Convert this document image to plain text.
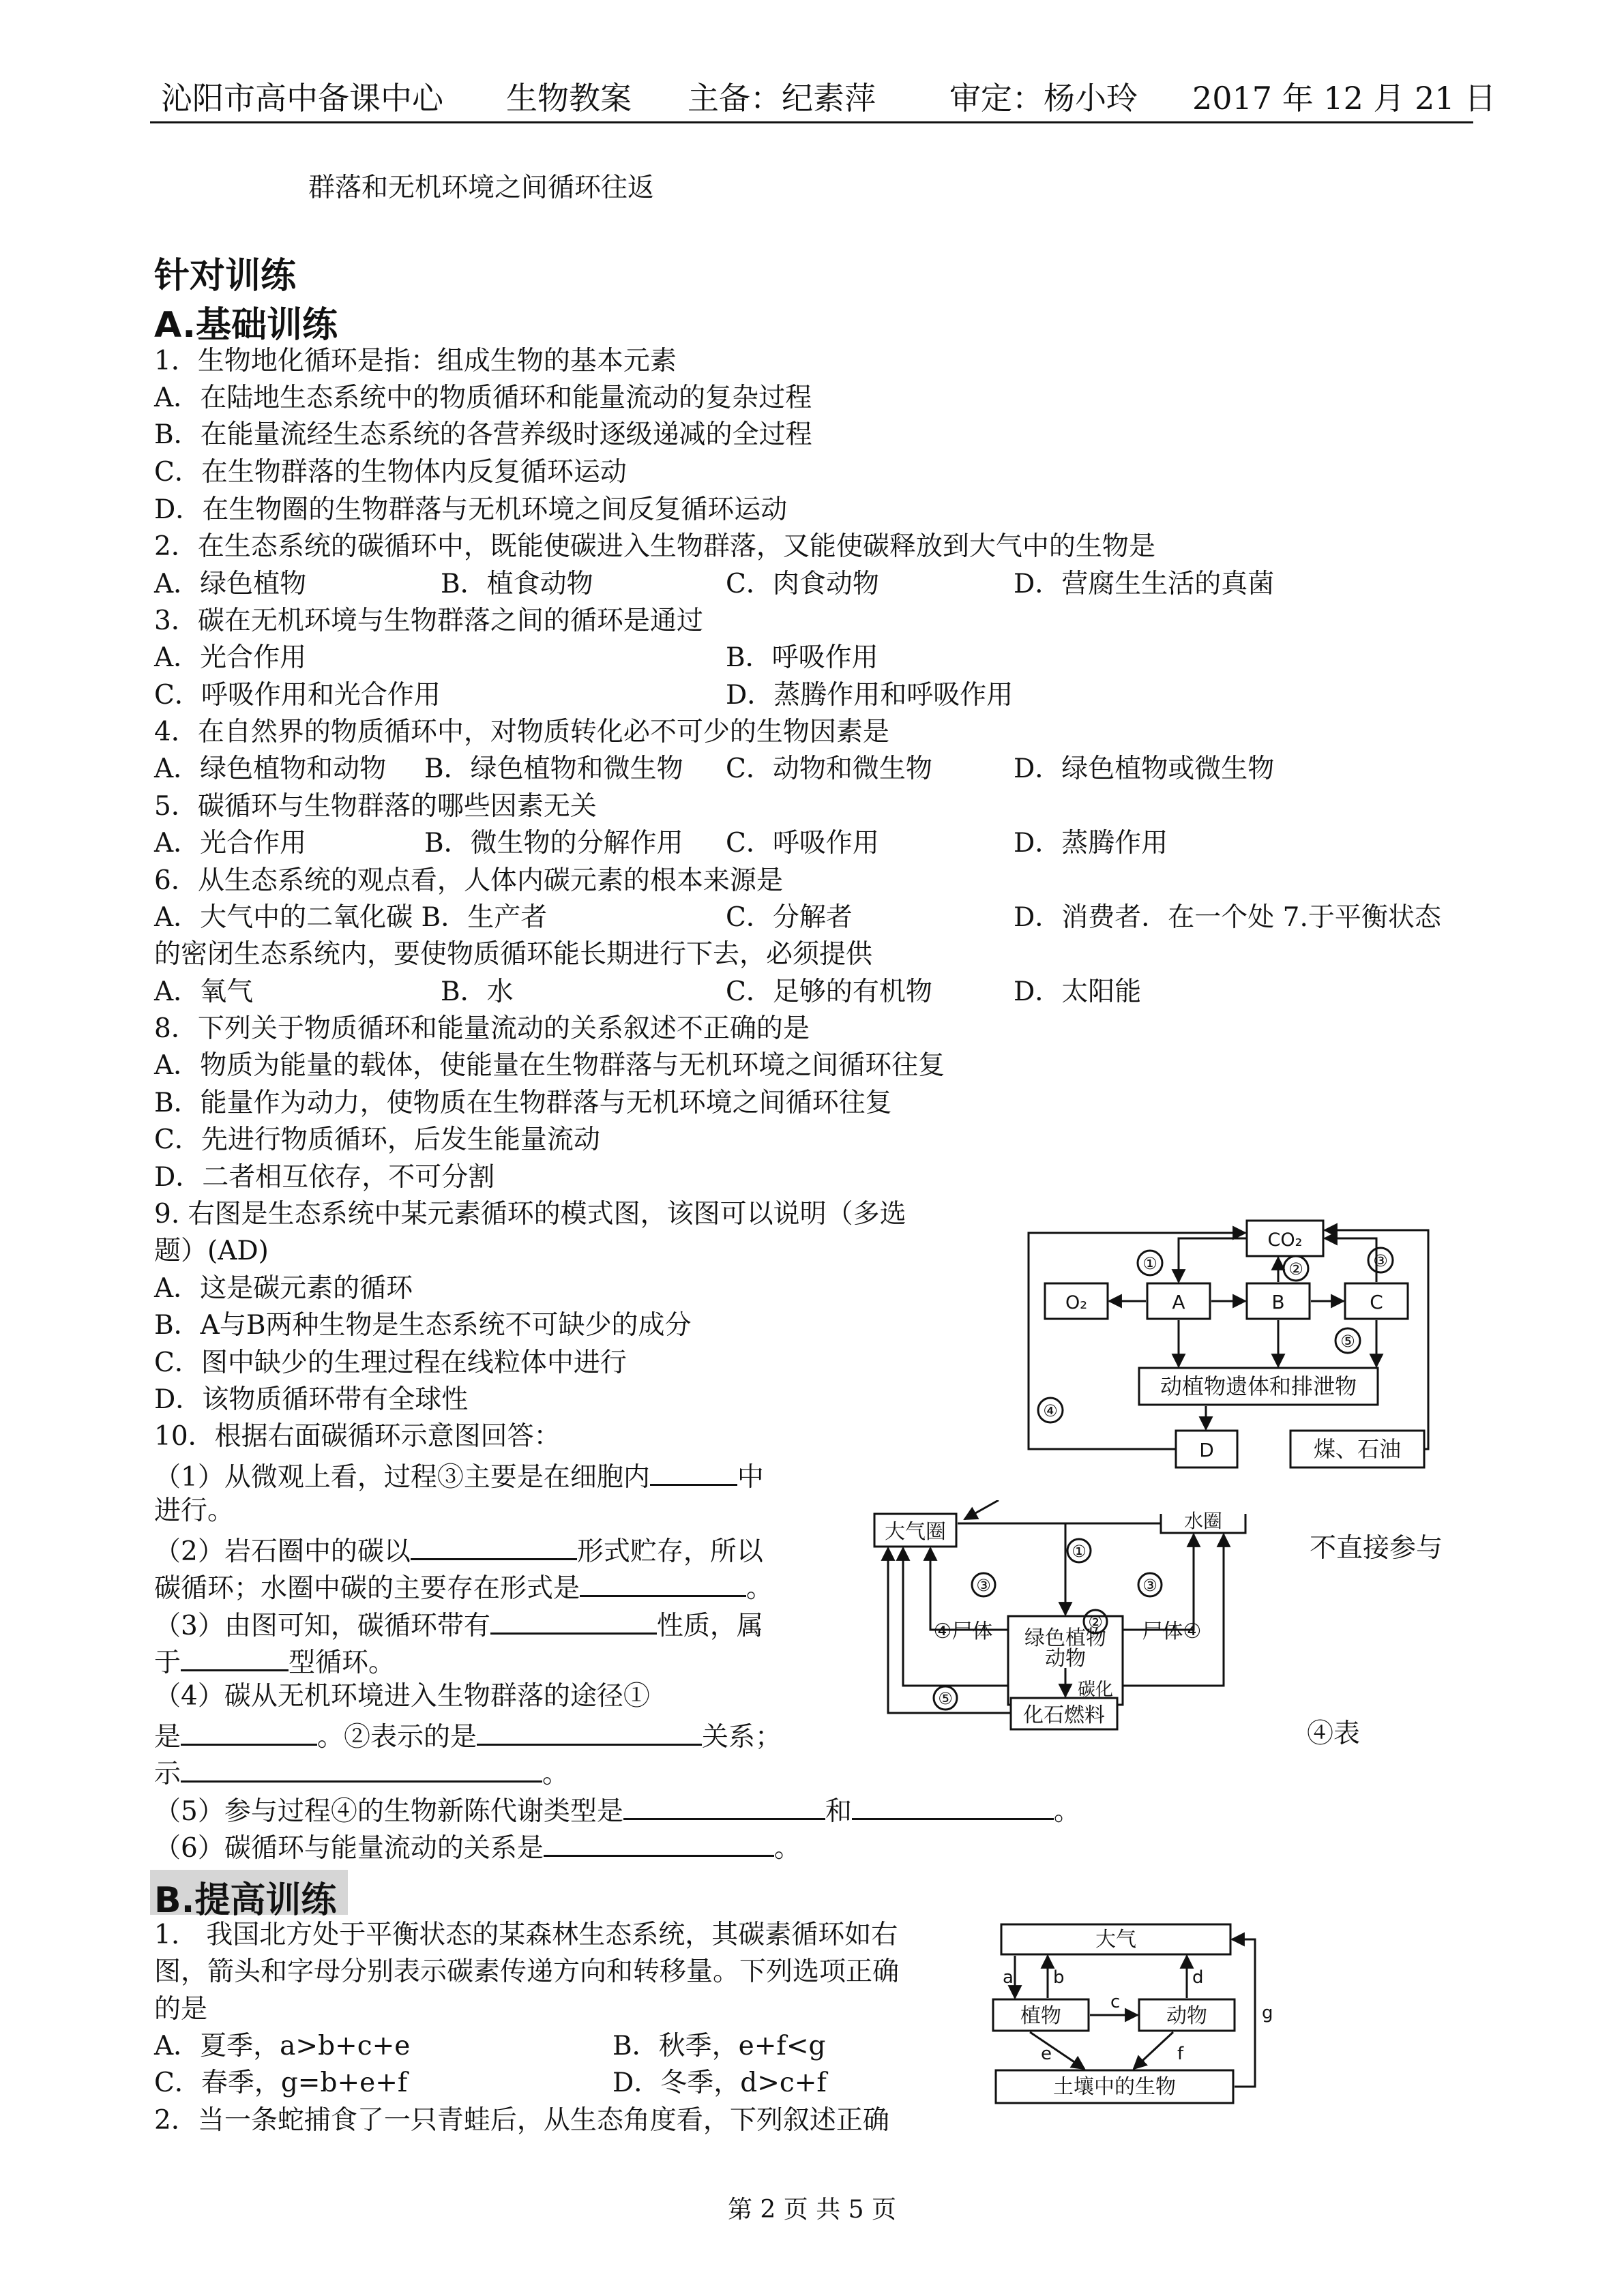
沁阳市高中备课中心 生物教案 主备：纪素萍 审定：杨小玲 2017 年 12 月 21 日
群落和无机环境之间循环往返
针对训练
A.基础训练
1．生物地化循环是指：组成生物的基本元素
A．在陆地生态系统中的物质循环和能量流动的复杂过程
B．在能量流经生态系统的各营养级时逐级递减的全过程
C．在生物群落的生物体内反复循环运动
D．在生物圈的生物群落与无机环境之间反复循环运动
2．在生态系统的碳循环中，既能使碳进入生物群落，又能使碳释放到大气中的生物是
A．绿色植物	B．植食动物	C．肉食动物	D．营腐生生活的真菌
3．碳在无机环境与生物群落之间的循环是通过
A．光合作用	B．呼吸作用
C．呼吸作用和光合作用	D．蒸腾作用和呼吸作用
4．在自然界的物质循环中，对物质转化必不可少的生物因素是
A．绿色植物和动物 B．绿色植物和微生物 C．动物和微生物	D．绿色植物或微生物
5．碳循环与生物群落的哪些因素无关
A．光合作用	B．微生物的分解作用 C．呼吸作用	D．蒸腾作用
6．从生态系统的观点看，人体内碳元素的根本来源是
A．大气中的二氧化碳 B．生产者	C．分解者	D．消费者．在一个处 7.于平衡状态
的密闭生态系统内，要使物质循环能长期进行下去，必须提供
A．氧气	B．水	C．足够的有机物	D．太阳能
8．下列关于物质循环和能量流动的关系叙述不正确的是
A．物质为能量的载体，使能量在生物群落与无机环境之间循环往复
B．能量作为动力，使物质在生物群落与无机环境之间循环往复
C．先进行物质循环，后发生能量流动
D．二者相互依存，不可分割
9. 右图是生态系统中某元素循环的模式图，该图可以说明（多选
题）(AD)
A．这是碳元素的循环
B．A与B两种生物是生态系统不可缺少的成分
C．图中缺少的生理过程在线粒体中进行
D．该物质循环带有全球性
10．根据右面碳循环示意图回答：
（1）从微观上看，过程③主要是在细胞内	中
进行。
（2）岩石圈中的碳以	形式贮存，所以	不直接参与
碳循环；水圈中碳的主要存在形式是	。
（3）由图可知，碳循环带有	性质，属
于	型循环。
（4）碳从无机环境进入生物群落的途径①
是	。②表示的是	关系；	④表
示	。
（5）参与过程④的生物新陈代谢类型是	和	。
（6）碳循环与能量流动的关系是	。
B.提高训练
1.　我国北方处于平衡状态的某森林生态系统，其碳素循环如右
图，箭头和字母分别表示碳素传递方向和转移量。下列选项正确
的是
A．夏季，a>b+c+e	B．秋季，e+f<g
C．春季，g=b+e+f	D．冬季，d>c+f
2．当一条蛇捕食了一只青蛙后，从生态角度看，下列叙述正确
CO₂
O₂	A	B	C
动植物遗体和排泄物
D	煤、石油
①	②	③
④
⑤
大气圈	水圈
绿色植物
动物
化石燃料
碳化
④尸体	尸体④
①
②
③	③
⑤
大气
植物	动物
土壤中的生物
a b
c
d
e	f
g
第 2 页 共 5 页
